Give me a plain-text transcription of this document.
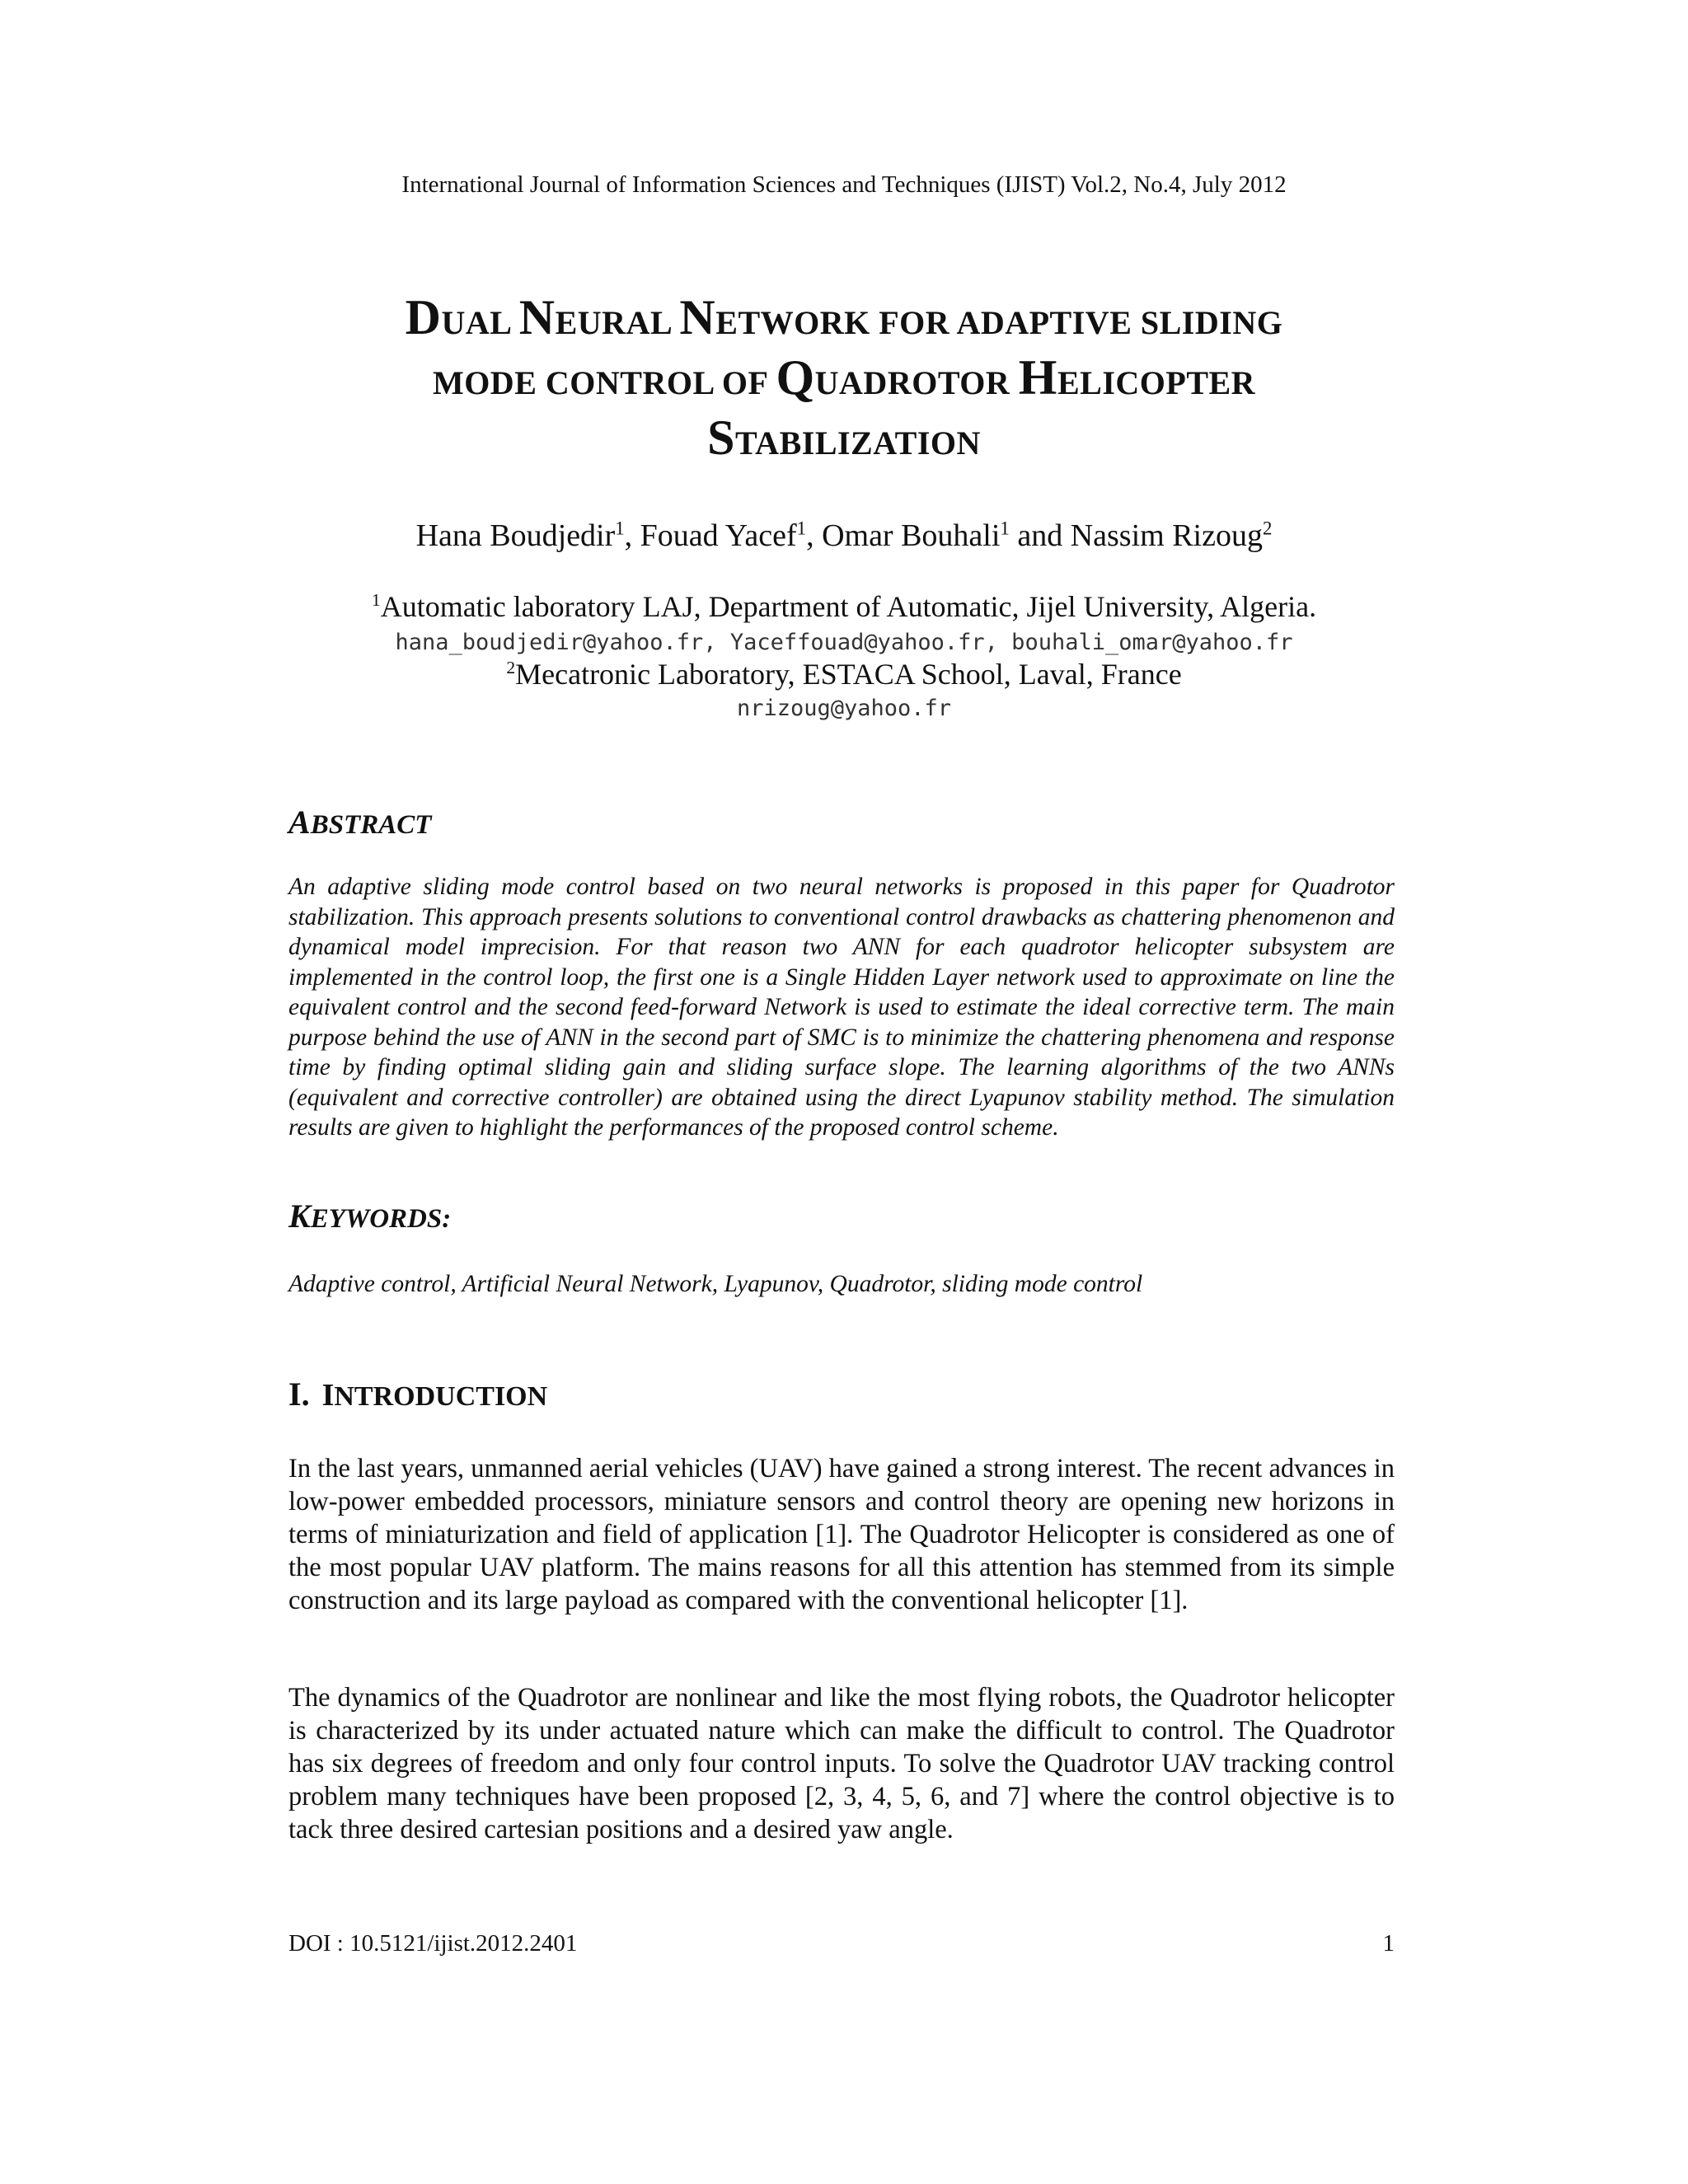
International Journal of Information Sciences and Techniques (IJIST) Vol.2, No.4, July 2012
DUAL NEURAL NETWORK FOR ADAPTIVE SLIDING
MODE CONTROL OF QUADROTOR HELICOPTER
STABILIZATION
Hana Boudjedir$^1$, Fouad Yacef$^1$, Omar Bouhali$^1$ and Nassim Rizoug$^2$
$^1$Automatic laboratory LAJ, Department of Automatic, Jijel University, Algeria.
hana_boudjedir@yahoo.fr, Yaceffouad@yahoo.fr, bouhali_omar@yahoo.fr
$^2$Mecatronic Laboratory, ESTACA School, Laval, France
nrizoug@yahoo.fr
ABSTRACT
An adaptive sliding mode control based on two neural networks is proposed in this paper for Quadrotor stabilization. This approach presents solutions to conventional control drawbacks as chattering phenomenon and dynamical model imprecision. For that reason two ANN for each quadrotor helicopter subsystem are implemented in the control loop, the first one is a Single Hidden Layer network used to approximate on line the equivalent control and the second feed-forward Network is used to estimate the ideal corrective term. The main purpose behind the use of ANN in the second part of SMC is to minimize the chattering phenomena and response time by finding optimal sliding gain and sliding surface slope. The learning algorithms of the two ANNs (equivalent and corrective controller) are obtained using the direct Lyapunov stability method. The simulation results are given to highlight the performances of the proposed control scheme.
KEYWORDS:
Adaptive control, Artificial Neural Network, Lyapunov, Quadrotor, sliding mode control
I. INTRODUCTION
In the last years, unmanned aerial vehicles (UAV) have gained a strong interest. The recent advances in low-power embedded processors, miniature sensors and control theory are opening new horizons in terms of miniaturization and field of application [1]. The Quadrotor Helicopter is considered as one of the most popular UAV platform. The mains reasons for all this attention has stemmed from its simple construction and its large payload as compared with the conventional helicopter [1].
The dynamics of the Quadrotor are nonlinear and like the most flying robots, the Quadrotor helicopter is characterized by its under actuated nature which can make the difficult to control. The Quadrotor has six degrees of freedom and only four control inputs. To solve the Quadrotor UAV tracking control problem many techniques have been proposed [2, 3, 4, 5, 6, and 7] where the control objective is to tack three desired cartesian positions and a desired yaw angle.
DOI : 10.5121/ijist.2012.2401	1
